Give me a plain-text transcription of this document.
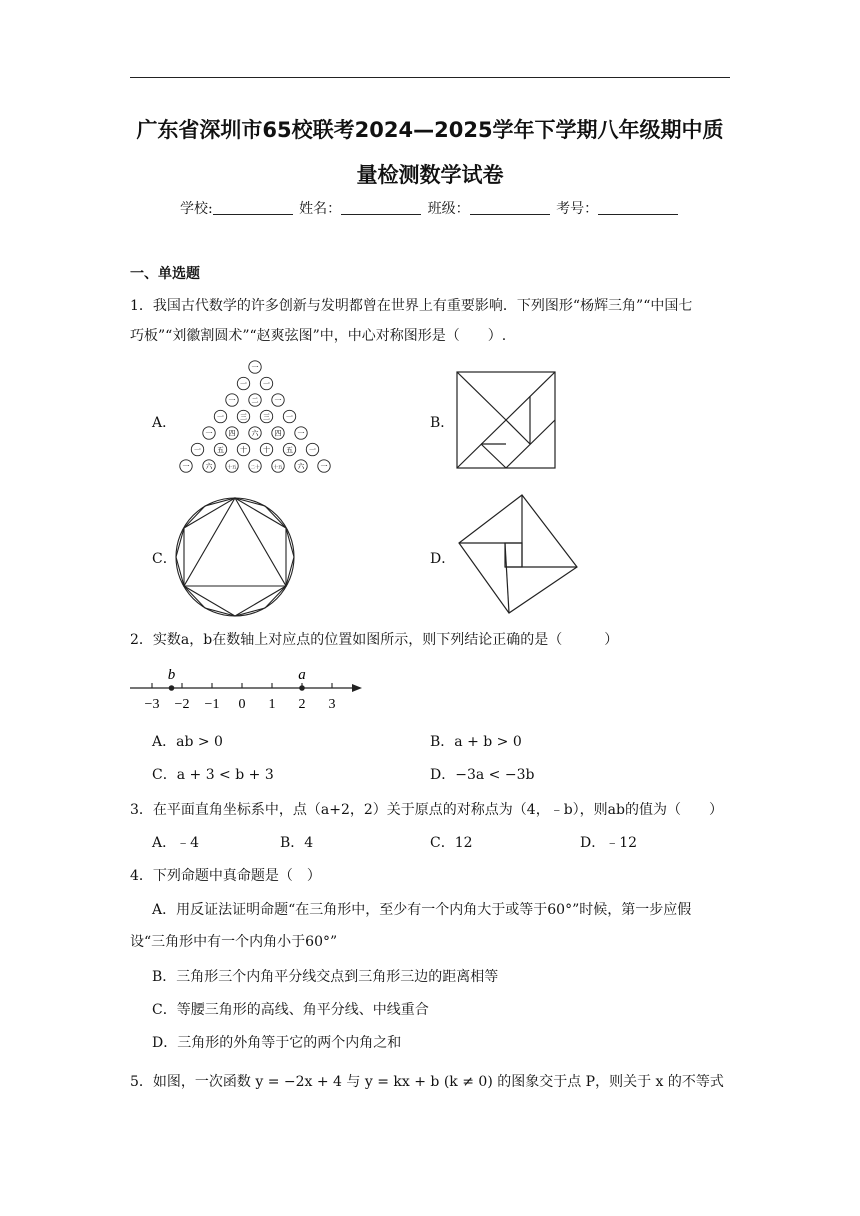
广东省深圳市65校联考2024—2025学年下学期八年级期中质
量检测数学试卷
学校:	姓名：	班级：	考号：
一、单选题
1．我国古代数学的许多创新与发明都曾在世界上有重要影响．下列图形“杨辉三角”“中国七
巧板”“刘徽割圆术”“赵爽弦图”中，中心对称图形是（　　）.
A．
一
一 一
一 二 一
一 三 三 一
一 四 六 四 一
一 五 十 十 五 一
一 六	十五	二十	十五 六 一
B．
C．	D．
2．实数a，b在数轴上对应点的位置如图所示，则下列结论正确的是（　　　）
−3 −2 −1 0 1 2 3
b	a
A．ab > 0	B．a + b > 0
C．a + 3 < b + 3	D．−3a < −3b
3．在平面直角坐标系中，点（a+2，2）关于原点的对称点为（4，﹣b），则ab的值为（　　）
A．﹣4	B．4	C．12	D．﹣12
4．下列命题中真命题是（　）
A．用反证法证明命题“在三角形中，至少有一个内角大于或等于60°”时候，第一步应假
设“三角形中有一个内角小于60°”
B．三角形三个内角平分线交点到三角形三边的距离相等
C．等腰三角形的高线、角平分线、中线重合
D．三角形的外角等于它的两个内角之和
5．如图，一次函数 y = −2x + 4 与 y = kx + b (k ≠ 0) 的图象交于点 P，则关于 x 的不等式
